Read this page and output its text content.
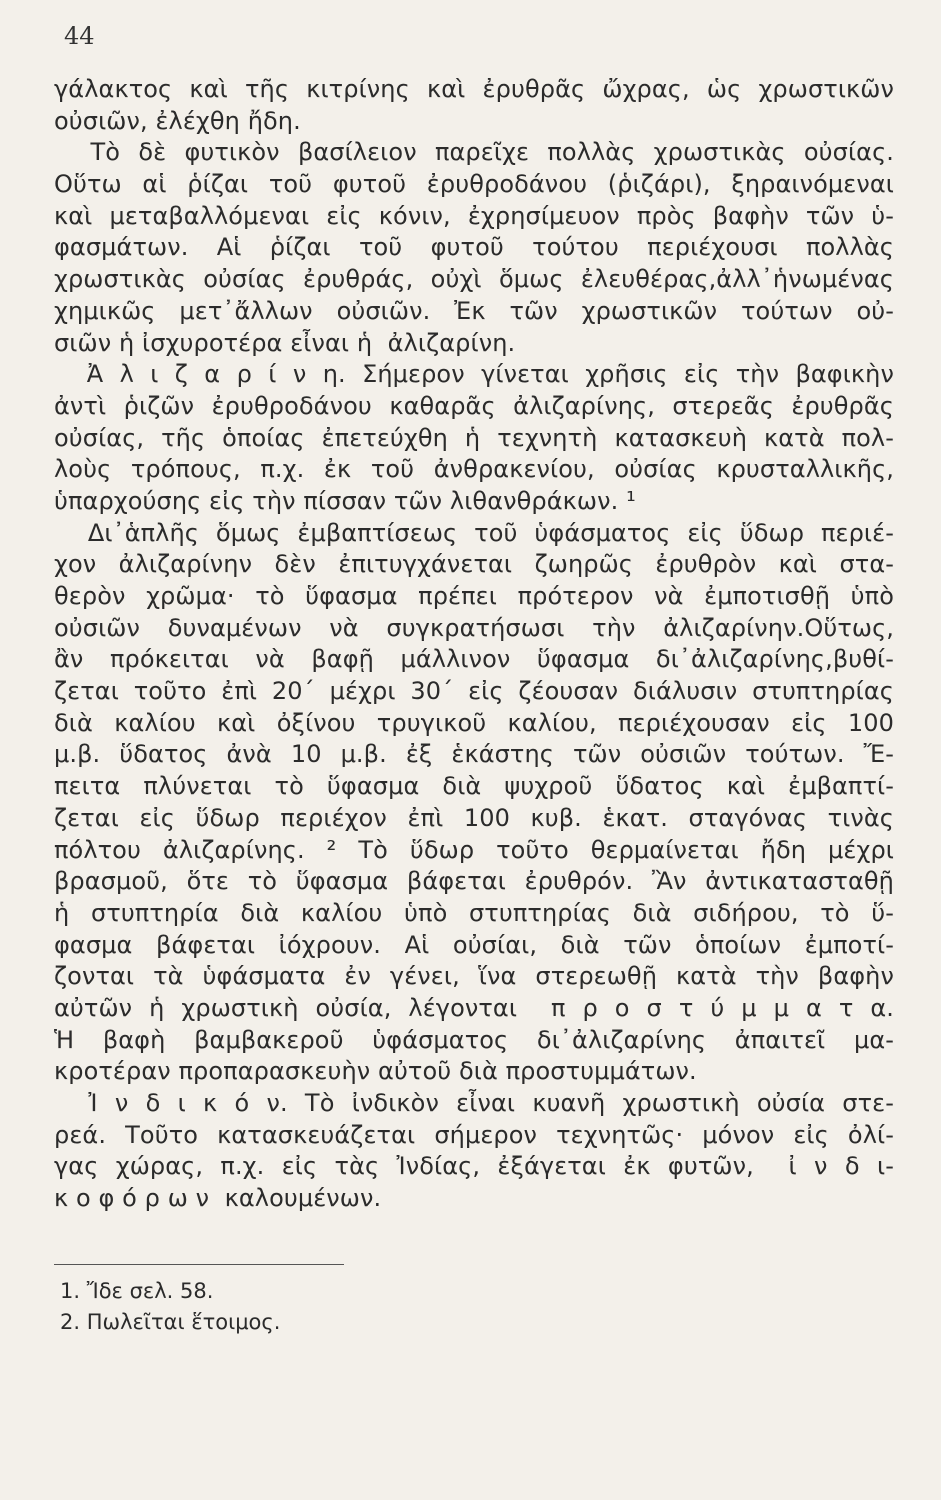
44
γάλακτος καὶ τῆς κιτρίνης καὶ ἐρυθρᾶς ὤχρας, ὡς χρωστικῶν
οὐσιῶν, ἐλέχθη ἤδη.
Τὸ δὲ φυτικὸν βασίλειον παρεῖχε πολλὰς χρωστικὰς οὐσίας.
Οὕτω αἱ ῥίζαι τοῦ φυτοῦ ἐρυθροδάνου (ῥιζάρι), ξηραινόμεναι
καὶ μεταβαλλόμεναι εἰς κόνιν, ἐχρησίμευον πρὸς βαφὴν τῶν ὑ-
φασμάτων. Αἱ ῥίζαι τοῦ φυτοῦ τούτου περιέχουσι πολλὰς
χρωστικὰς οὐσίας ἐρυθράς, οὐχὶ ὅμως ἐλευθέρας,ἀλλ᾽ἡνωμένας
χημικῶς μετ᾽ἄλλων οὐσιῶν. Ἐκ τῶν χρωστικῶν τούτων οὐ-
σιῶν ἡ ἰσχυροτέρα εἶναι ἡ  ἀλιζαρίνη.
Ἀ λ ι ζ α ρ ί ν η. Σήμερον γίνεται χρῆσις εἰς τὴν βαφικὴν
ἀντὶ ῥιζῶν ἐρυθροδάνου καθαρᾶς ἀλιζαρίνης, στερεᾶς ἐρυθρᾶς
οὐσίας, τῆς ὁποίας ἐπετεύχθη ἡ τεχνητὴ κατασκευὴ κατὰ πολ-
λοὺς τρόπους, π.χ. ἐκ τοῦ ἀνθρακενίου, οὐσίας κρυσταλλικῆς,
ὑπαρχούσης εἰς τὴν πίσσαν τῶν λιθανθράκων. ¹
Δι᾽ἁπλῆς ὅμως ἐμβαπτίσεως τοῦ ὑφάσματος εἰς ὕδωρ περιέ-
χον ἀλιζαρίνην δὲν ἐπιτυγχάνεται ζωηρῶς ἐρυθρὸν καὶ στα-
θερὸν χρῶμα· τὸ ὕφασμα πρέπει πρότερον νὰ ἐμποτισθῇ ὑπὸ
οὐσιῶν δυναμένων νὰ συγκρατήσωσι τὴν ἀλιζαρίνην.Οὕτως,
ἂν πρόκειται νὰ βαφῇ μάλλινον ὕφασμα δι᾽ἀλιζαρίνης,βυθί-
ζεται τοῦτο ἐπὶ 20΄ μέχρι 30΄ εἰς ζέουσαν διάλυσιν στυπτηρίας
διὰ καλίου καὶ ὀξίνου τρυγικοῦ καλίου, περιέχουσαν εἰς 100
μ.β. ὕδατος ἀνὰ 10 μ.β. ἐξ ἑκάστης τῶν οὐσιῶν τούτων. Ἔ-
πειτα πλύνεται τὸ ὕφασμα διὰ ψυχροῦ ὕδατος καὶ ἐμβαπτί-
ζεται εἰς ὕδωρ περιέχον ἐπὶ 100 κυβ. ἑκατ. σταγόνας τινὰς
πόλτου ἀλιζαρίνης. ² Τὸ ὕδωρ τοῦτο θερμαίνεται ἤδη μέχρι
βρασμοῦ, ὅτε τὸ ὕφασμα βάφεται ἐρυθρόν. Ἂν ἀντικατασταθῇ
ἡ στυπτηρία διὰ καλίου ὑπὸ στυπτηρίας διὰ σιδήρου, τὸ ὕ-
φασμα βάφεται ἰόχρουν. Αἱ οὐσίαι, διὰ τῶν ὁποίων ἐμποτί-
ζονται τὰ ὑφάσματα ἐν γένει, ἵνα στερεωθῇ κατὰ τὴν βαφὴν
αὐτῶν ἡ χρωστικὴ οὐσία, λέγονται  π ρ ο σ τ ύ μ μ α τ α.
Ἡ βαφὴ βαμβακεροῦ ὑφάσματος δι᾽ἀλιζαρίνης ἀπαιτεῖ μα-
κροτέραν προπαρασκευὴν αὐτοῦ διὰ προστυμμάτων.
Ἰ ν δ ι κ ό ν. Τὸ ἰνδικὸν εἶναι κυανῆ χρωστικὴ οὐσία στε-
ρεά. Τοῦτο κατασκευάζεται σήμερον τεχνητῶς· μόνον εἰς ὀλί-
γας χώρας, π.χ. εἰς τὰς Ἰνδίας, ἐξάγεται ἐκ φυτῶν,  ἰ ν δ ι-
κ ο φ ό ρ ω ν  καλουμένων.
1. Ἴδε σελ. 58.
2. Πωλεῖται ἕτοιμος.
